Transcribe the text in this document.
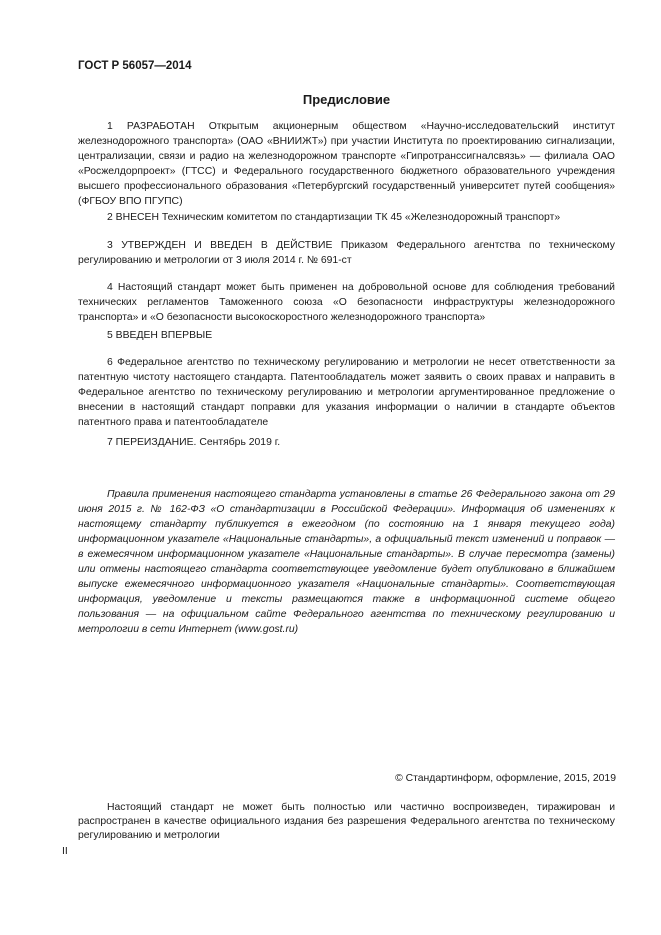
ГОСТ Р 56057—2014
Предисловие

1 РАЗРАБОТАН Открытым акционерным обществом «Научно-исследовательский институт железнодорожного транспорта» (ОАО «ВНИИЖТ») при участии Института по проектированию сигнализации, централизации, связи и радио на железнодорожном транспорте «Гипротранссигналсвязь» — филиала ОАО «Росжелдорпроект» (ГТСС) и Федерального государственного бюджетного образовательного учреждения высшего профессионального образования «Петербургский государственный университет путей сообщения» (ФГБОУ ВПО ПГУПС)

2 ВНЕСЕН Техническим комитетом по стандартизации ТК 45 «Железнодорожный транспорт»

3 УТВЕРЖДЕН И ВВЕДЕН В ДЕЙСТВИЕ Приказом Федерального агентства по техническому регулированию и метрологии от 3 июля 2014 г. № 691-ст

4 Настоящий стандарт может быть применен на добровольной основе для соблюдения требований технических регламентов Таможенного союза «О безопасности инфраструктуры железнодорожного транспорта» и «О безопасности высокоскоростного железнодорожного транспорта»

5 ВВЕДЕН ВПЕРВЫЕ

6 Федеральное агентство по техническому регулированию и метрологии не несет ответственности за патентную чистоту настоящего стандарта. Патентообладатель может заявить о своих правах и направить в Федеральное агентство по техническому регулированию и метрологии аргументированное предложение о внесении в настоящий стандарт поправки для указания информации о наличии в стандарте объектов патентного права и патентообладателе

7 ПЕРЕИЗДАНИЕ. Сентябрь 2019 г.

Правила применения настоящего стандарта установлены в статье 26 Федерального закона от 29 июня 2015 г. № 162-ФЗ «О стандартизации в Российской Федерации». Информация об изменениях к настоящему стандарту публикуется в ежегодном (по состоянию на 1 января текущего года) информационном указателе «Национальные стандарты», а официальный текст изменений и поправок — в ежемесячном информационном указателе «Национальные стандарты». В случае пересмотра (замены) или отмены настоящего стандарта соответствующее уведомление будет опубликовано в ближайшем выпуске ежемесячного информационного указателя «Национальные стандарты». Соответствующая информация, уведомление и тексты размещаются также в информационной системе общего пользования — на официальном сайте Федерального агентства по техническому регулированию и метрологии в сети Интернет (www.gost.ru)

© Стандартинформ, оформление, 2015, 2019

Настоящий стандарт не может быть полностью или частично воспроизведен, тиражирован и распространен в качестве официального издания без разрешения Федерального агентства по техническому регулированию и метрологии

II
